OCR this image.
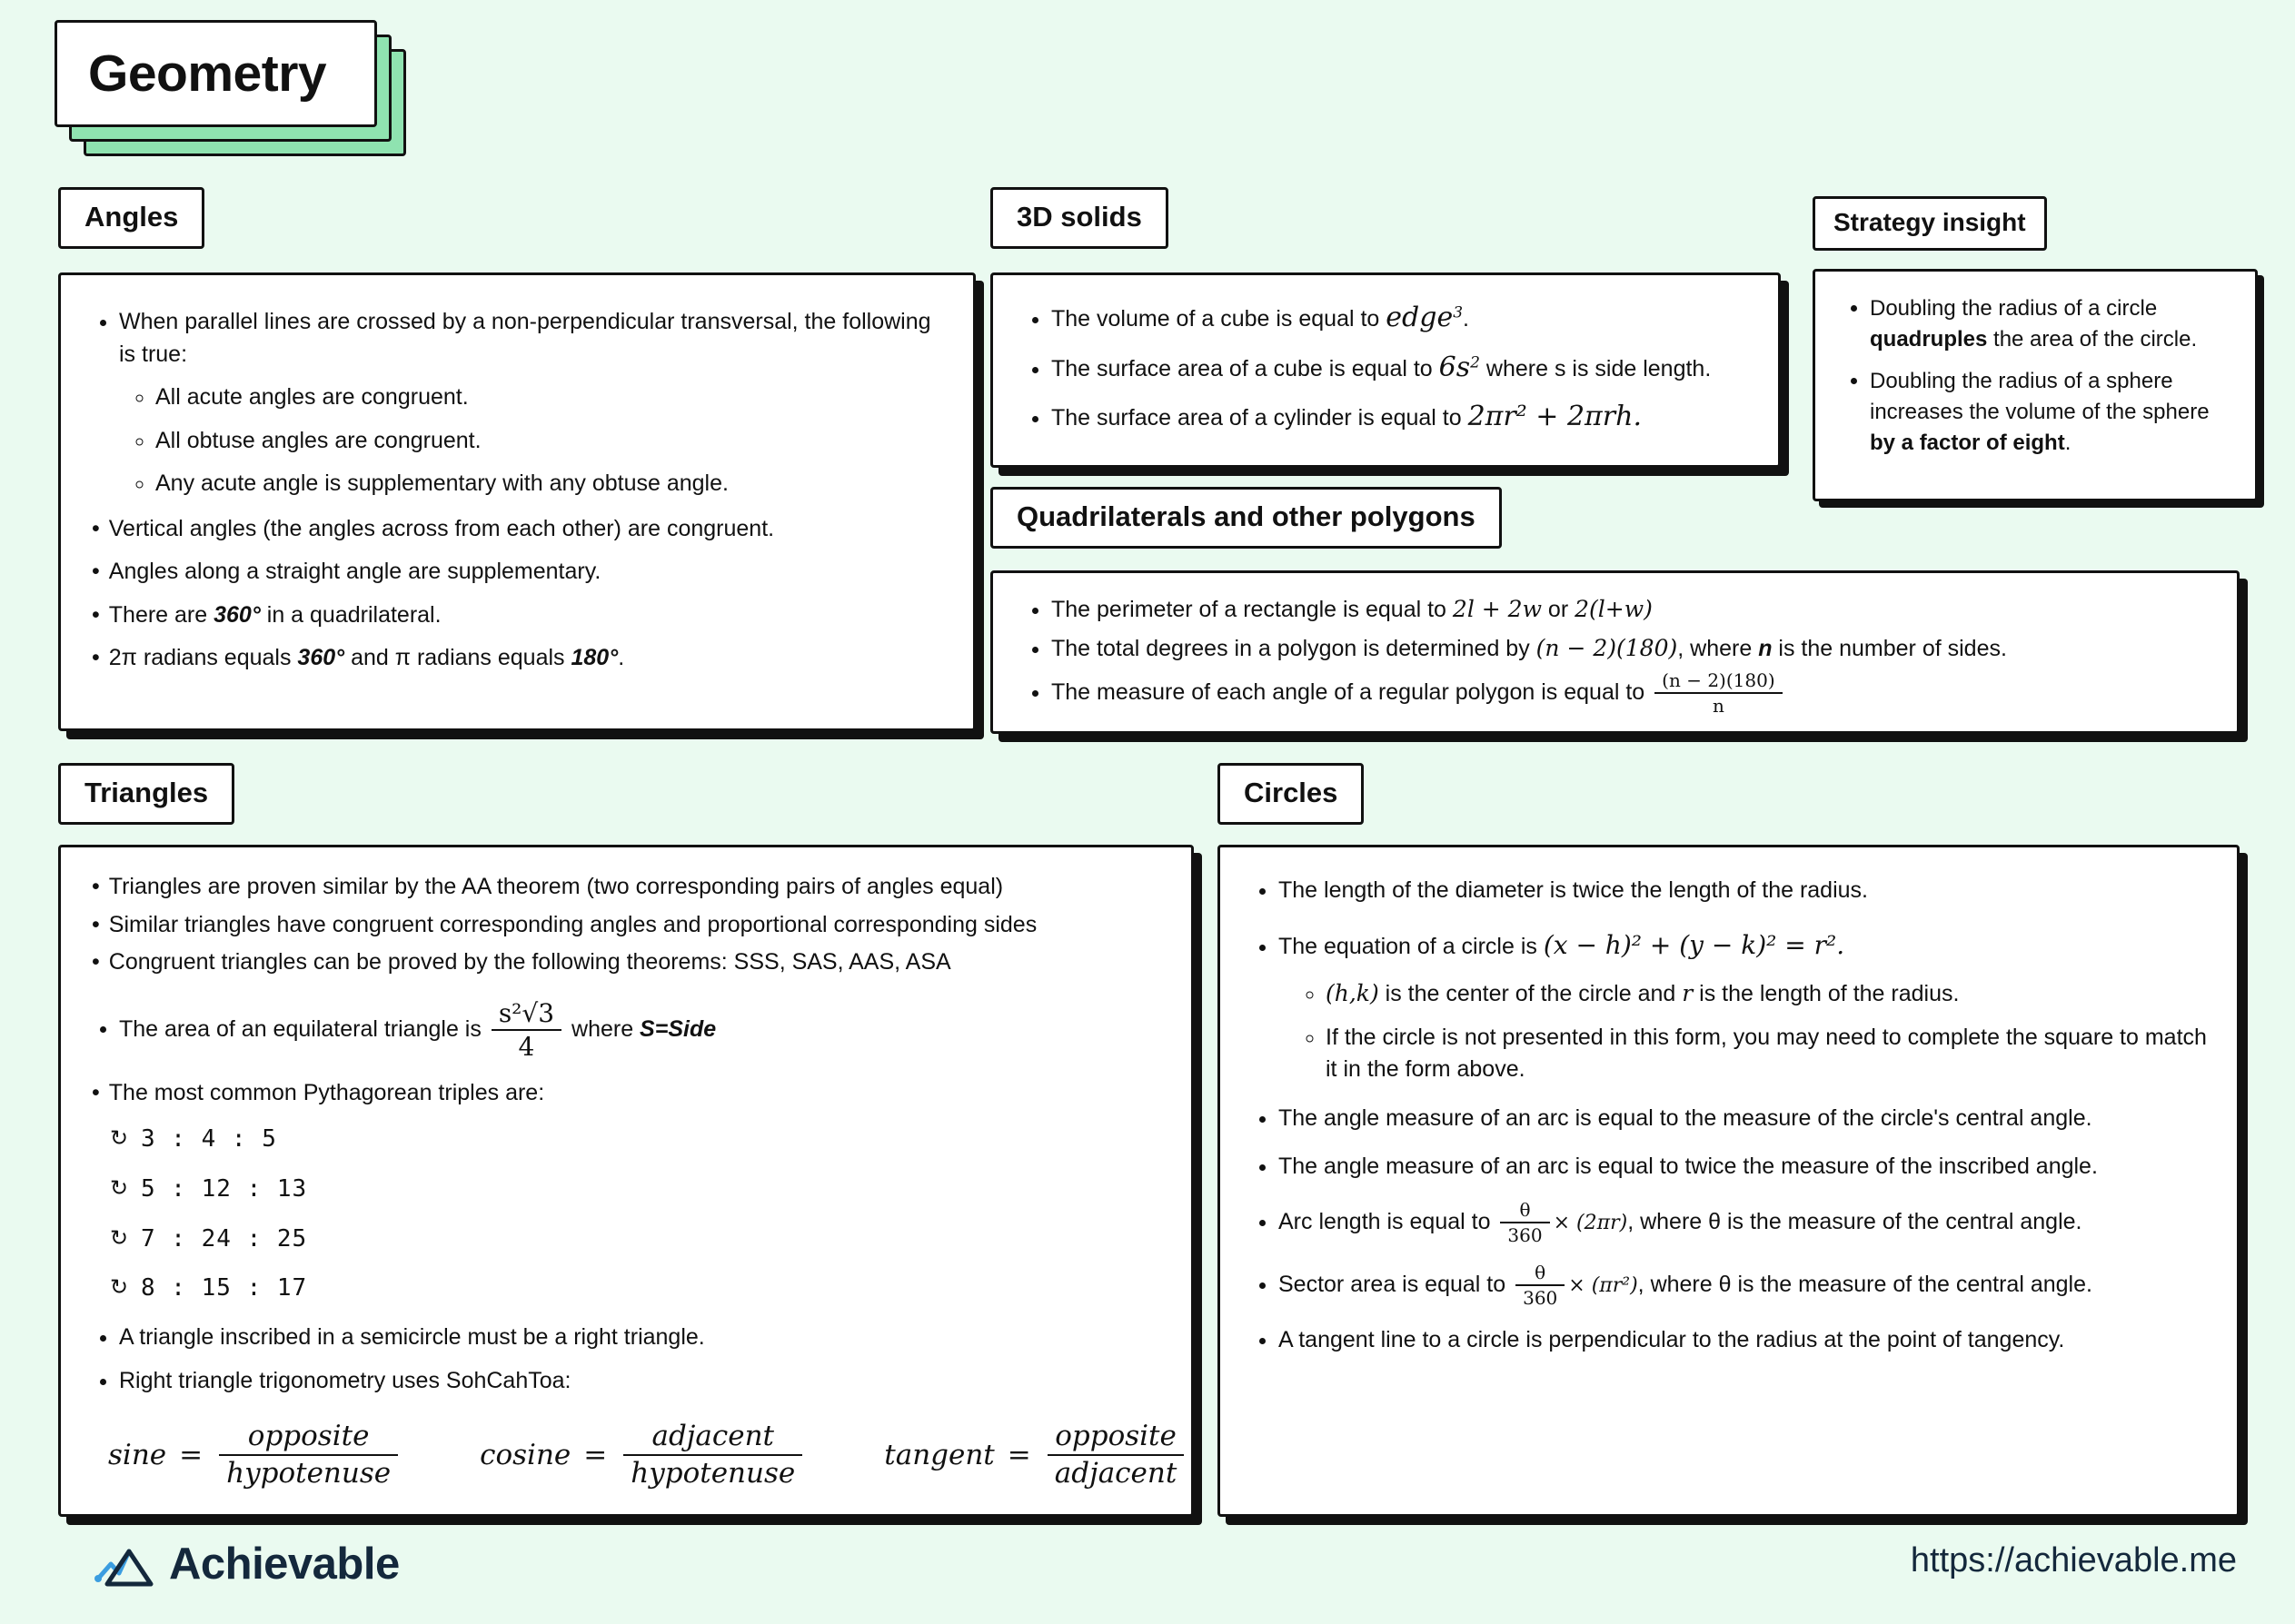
Geometry
Angles
• When parallel lines are crossed by a non-perpendicular transversal, the following is true:
◦ All acute angles are congruent.
◦ All obtuse angles are congruent.
◦ Any acute angle is supplementary with any obtuse angle.
• Vertical angles (the angles across from each other) are congruent.
• Angles along a straight angle are supplementary.
• There are 360° in a quadrilateral.
• 2π radians equals 360° and π radians equals 180°.
3D solids
• The volume of a cube is equal to edge$^3$.
• The surface area of a cube is equal to $6s^2$ where s is side length.
• The surface area of a cylinder is equal to 2πr² + 2πrh.
Quadrilaterals and other polygons
• The perimeter of a rectangle is equal to 2l + 2w or 2(l+w)
• The total degrees in a polygon is determined by (n − 2)(180), where n is the number of sides.
• The measure of each angle of a regular polygon is equal to $\frac{(n - 2)(180)}{n}$
Strategy insight
• Doubling the radius of a circle quadruples the area of the circle.
• Doubling the radius of a sphere increases the volume of the sphere by a factor of eight.
Triangles
• Triangles are proven similar by the AA theorem (two corresponding pairs of angles equal)
• Similar triangles have congruent corresponding angles and proportional corresponding sides
• Congruent triangles can be proved by the following theorems: SSS, SAS, AAS, ASA
• The area of an equilateral triangle is $\frac{\text{s²√3}}{4}$ where S=Side
• The most common Pythagorean triples are:
↻ 3 : 4 : 5
↻ 5 : 12 : 13
↻ 7 : 24 : 25
↻ 8 : 15 : 17
• A triangle inscribed in a semicircle must be a right triangle.
• Right triangle trigonometry uses SohCahToa:
$\sin e = \frac{\text{opposite}}{\text{hypotenuse}}$	$cosine = \frac{\text{adjacent}}{\text{hypotenuse}}$	tangent = $\frac{\text{opposite}}{\text{adjacent}}$
Circles
• The length of the diameter is twice the length of the radius.
• The equation of a circle is (x − h)² + (y − k)² = r².
◦ (h,k) is the center of the circle and r is the length of the radius.
◦ If the circle is not presented in this form, you may need to complete the square to match it in the form above.
• The angle measure of an arc is equal to the measure of the circle's central angle.
• The angle measure of an arc is equal to twice the measure of the inscribed angle.
• Arc length is equal to $\frac{\theta}{360} \times (2\pi r)$, where θ is the measure of the central angle.
• Sector area is equal to $\frac{\theta}{360} \times (\pi r^2)$, where θ is the measure of the central angle.
• A tangent line to a circle is perpendicular to the radius at the point of tangency.
Achievable	https://achievable.me
